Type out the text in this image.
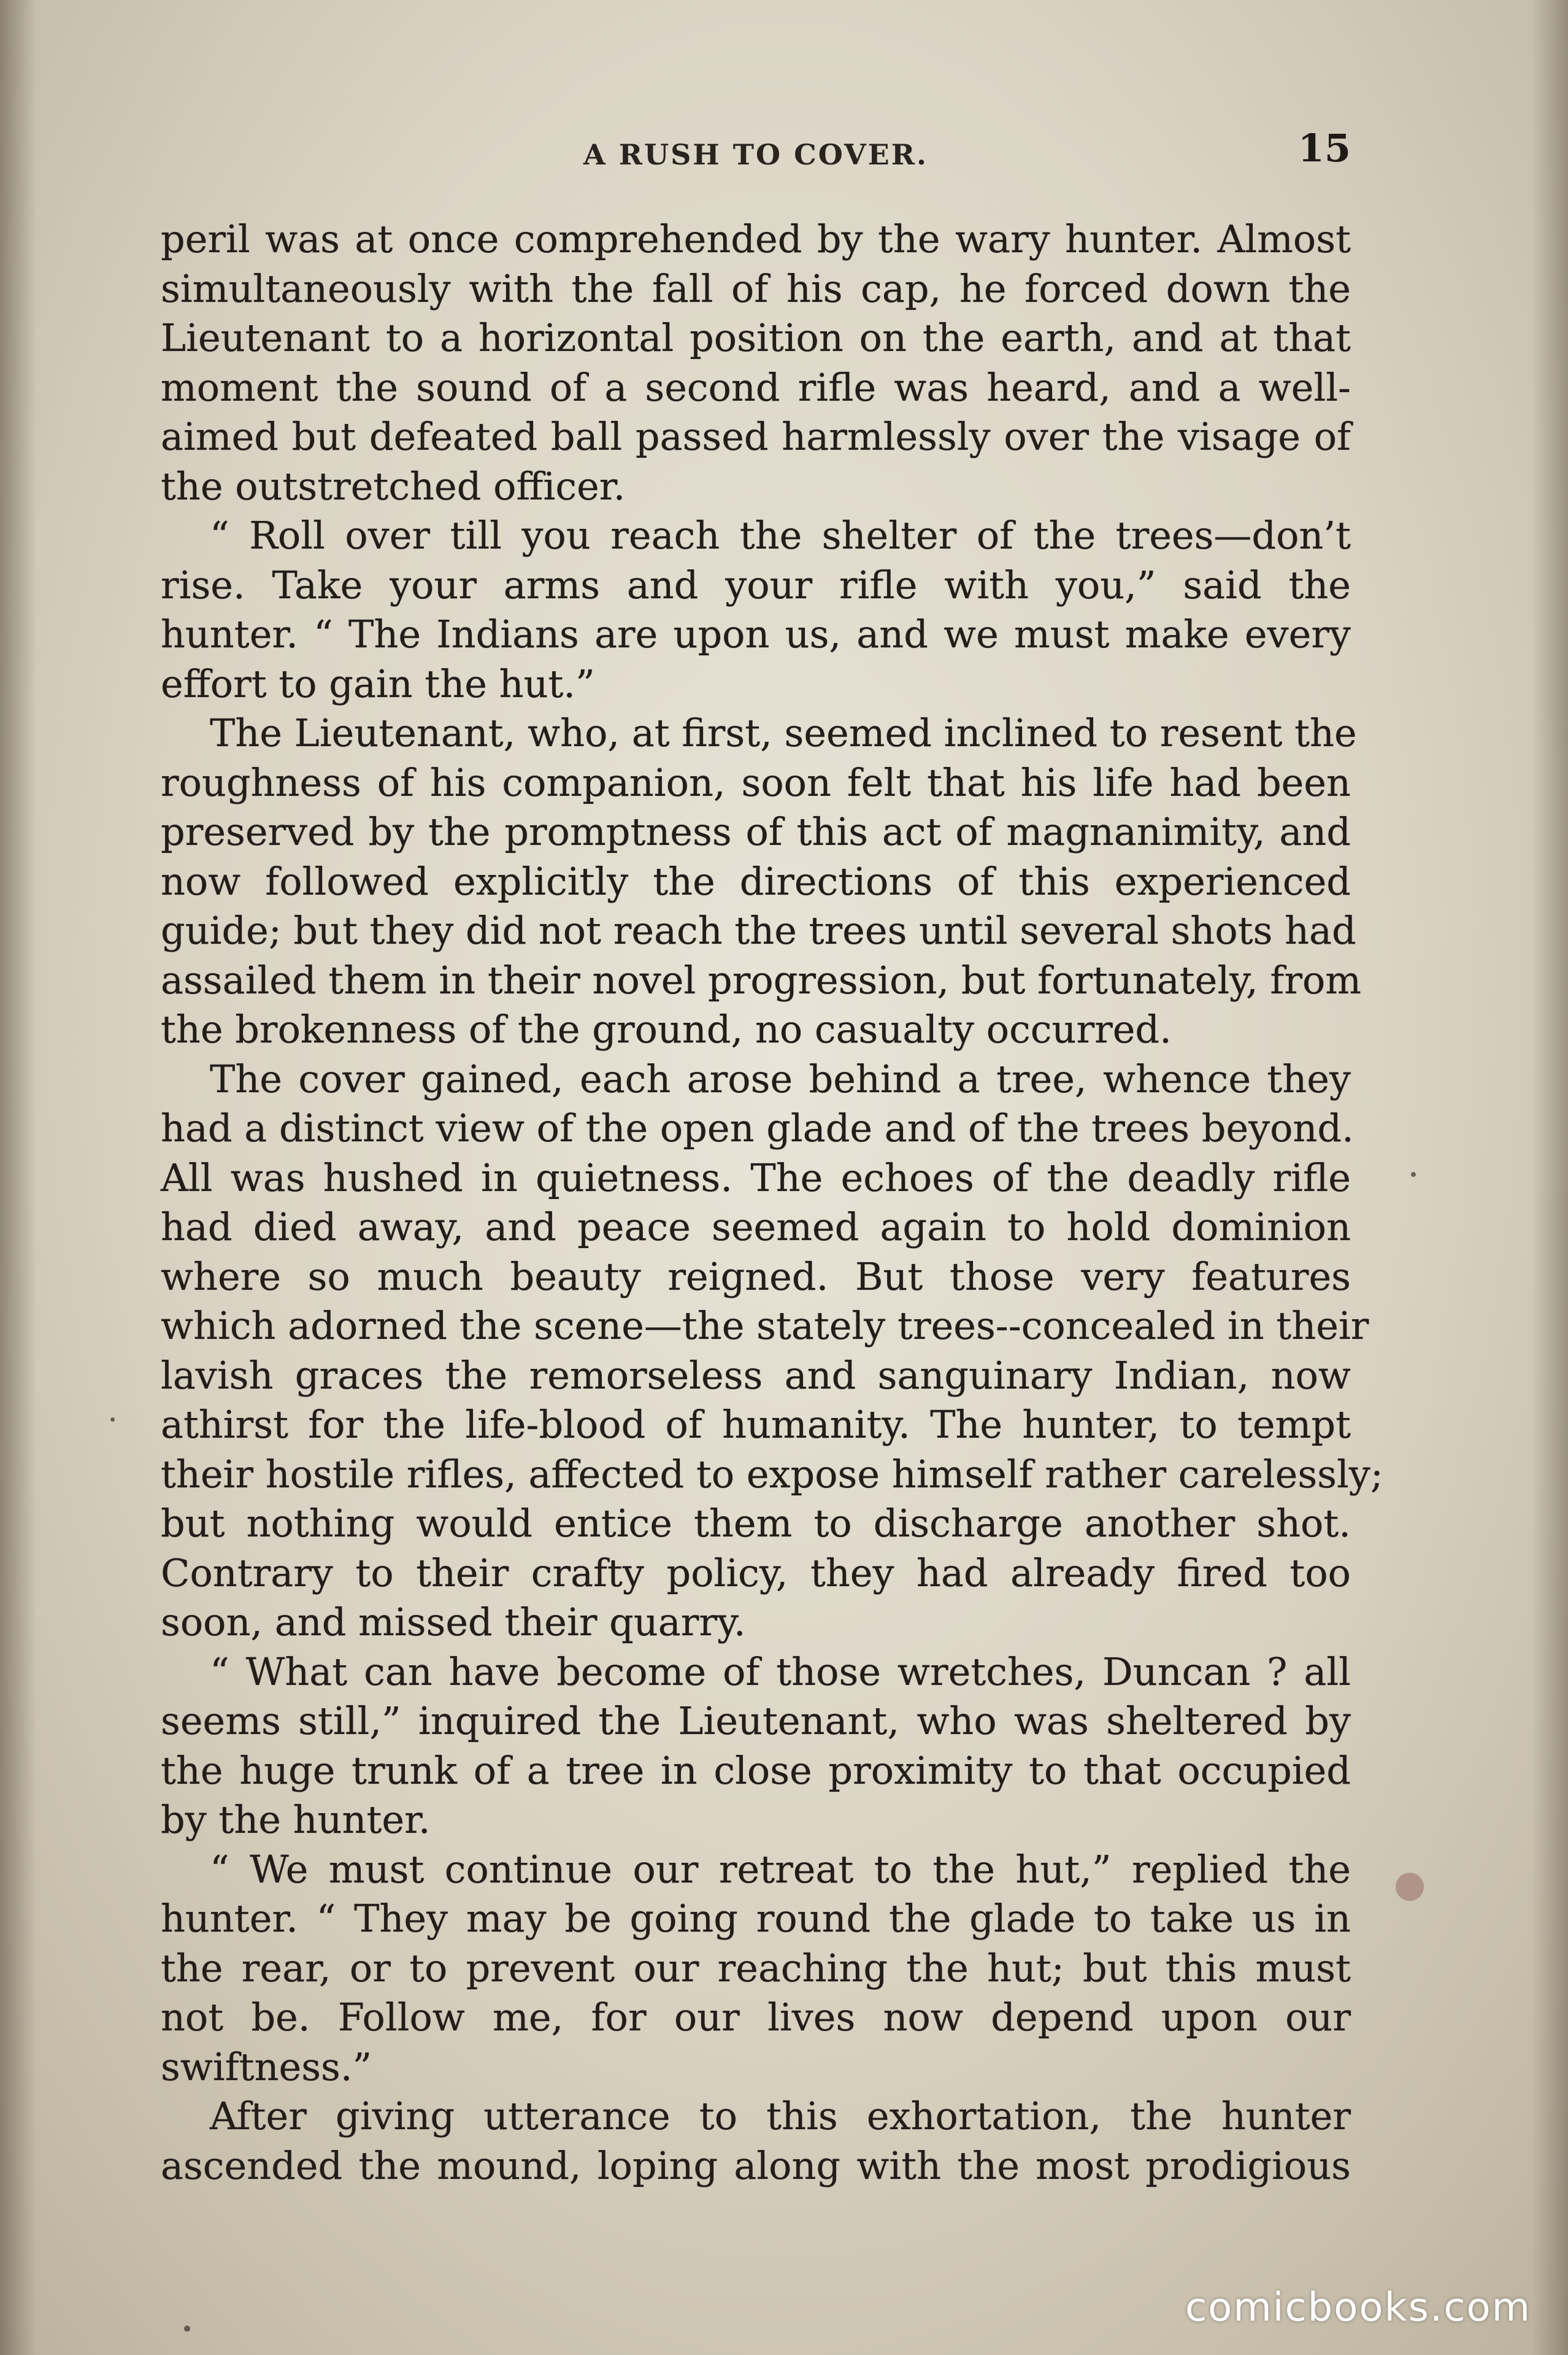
A RUSH TO COVER.	15
peril was at once comprehended by the wary hunter. Almost
simultaneously with the fall of his cap, he forced down the
Lieutenant to a horizontal position on the earth, and at that
moment the sound of a second rifle was heard, and a well-
aimed but defeated ball passed harmlessly over the visage of
the outstretched officer.
“ Roll over till you reach the shelter of the trees—don’t
rise. Take your arms and your rifle with you,” said the
hunter. “ The Indians are upon us, and we must make every
effort to gain the hut.”
The Lieutenant, who, at first, seemed inclined to resent the
roughness of his companion, soon felt that his life had been
preserved by the promptness of this act of magnanimity, and
now followed explicitly the directions of this experienced
guide; but they did not reach the trees until several shots had
assailed them in their novel progression, but fortunately, from
the brokenness of the ground, no casualty occurred.
The cover gained, each arose behind a tree, whence they
had a distinct view of the open glade and of the trees beyond.
All was hushed in quietness. The echoes of the deadly rifle
had died away, and peace seemed again to hold dominion
where so much beauty reigned. But those very features
which adorned the scene—the stately trees--concealed in their
lavish graces the remorseless and sanguinary Indian, now
athirst for the life-blood of humanity. The hunter, to tempt
their hostile rifles, affected to expose himself rather carelessly;
but nothing would entice them to discharge another shot.
Contrary to their crafty policy, they had already fired too
soon, and missed their quarry.
“ What can have become of those wretches, Duncan ? all
seems still,” inquired the Lieutenant, who was sheltered by
the huge trunk of a tree in close proximity to that occupied
by the hunter.
“ We must continue our retreat to the hut,” replied the
hunter. “ They may be going round the glade to take us in
the rear, or to prevent our reaching the hut; but this must
not be. Follow me, for our lives now depend upon our
swiftness.”
After giving utterance to this exhortation, the hunter
ascended the mound, loping along with the most prodigious
comicbooks.com
